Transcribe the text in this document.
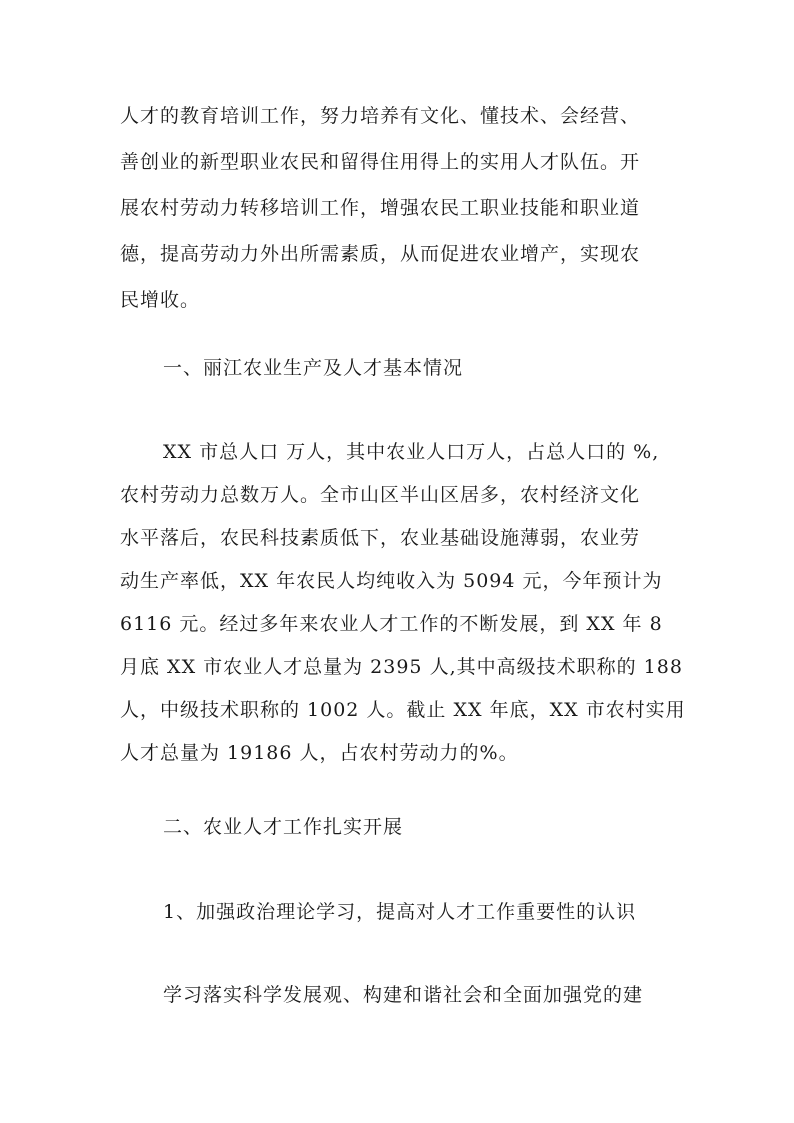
人才的教育培训工作，努力培养有文化、懂技术、会经营、
善创业的新型职业农民和留得住用得上的实用人才队伍。开
展农村劳动力转移培训工作，增强农民工职业技能和职业道
德，提高劳动力外出所需素质，从而促进农业增产，实现农
民增收。
一、丽江农业生产及人才基本情况
XX 市总人口 万人，其中农业人口万人，占总人口的 %,
农村劳动力总数万人。全市山区半山区居多，农村经济文化
水平落后，农民科技素质低下，农业基础设施薄弱，农业劳
动生产率低，XX 年农民人均纯收入为 5094 元，今年预计为
6116 元。经过多年来农业人才工作的不断发展，到 XX 年 8
月底 XX 市农业人才总量为 2395 人,其中高级技术职称的 188
人，中级技术职称的 1002 人。截止 XX 年底，XX 市农村实用
人才总量为 19186 人，占农村劳动力的%。
二、农业人才工作扎实开展
1、加强政治理论学习，提高对人才工作重要性的认识
学习落实科学发展观、构建和谐社会和全面加强党的建
